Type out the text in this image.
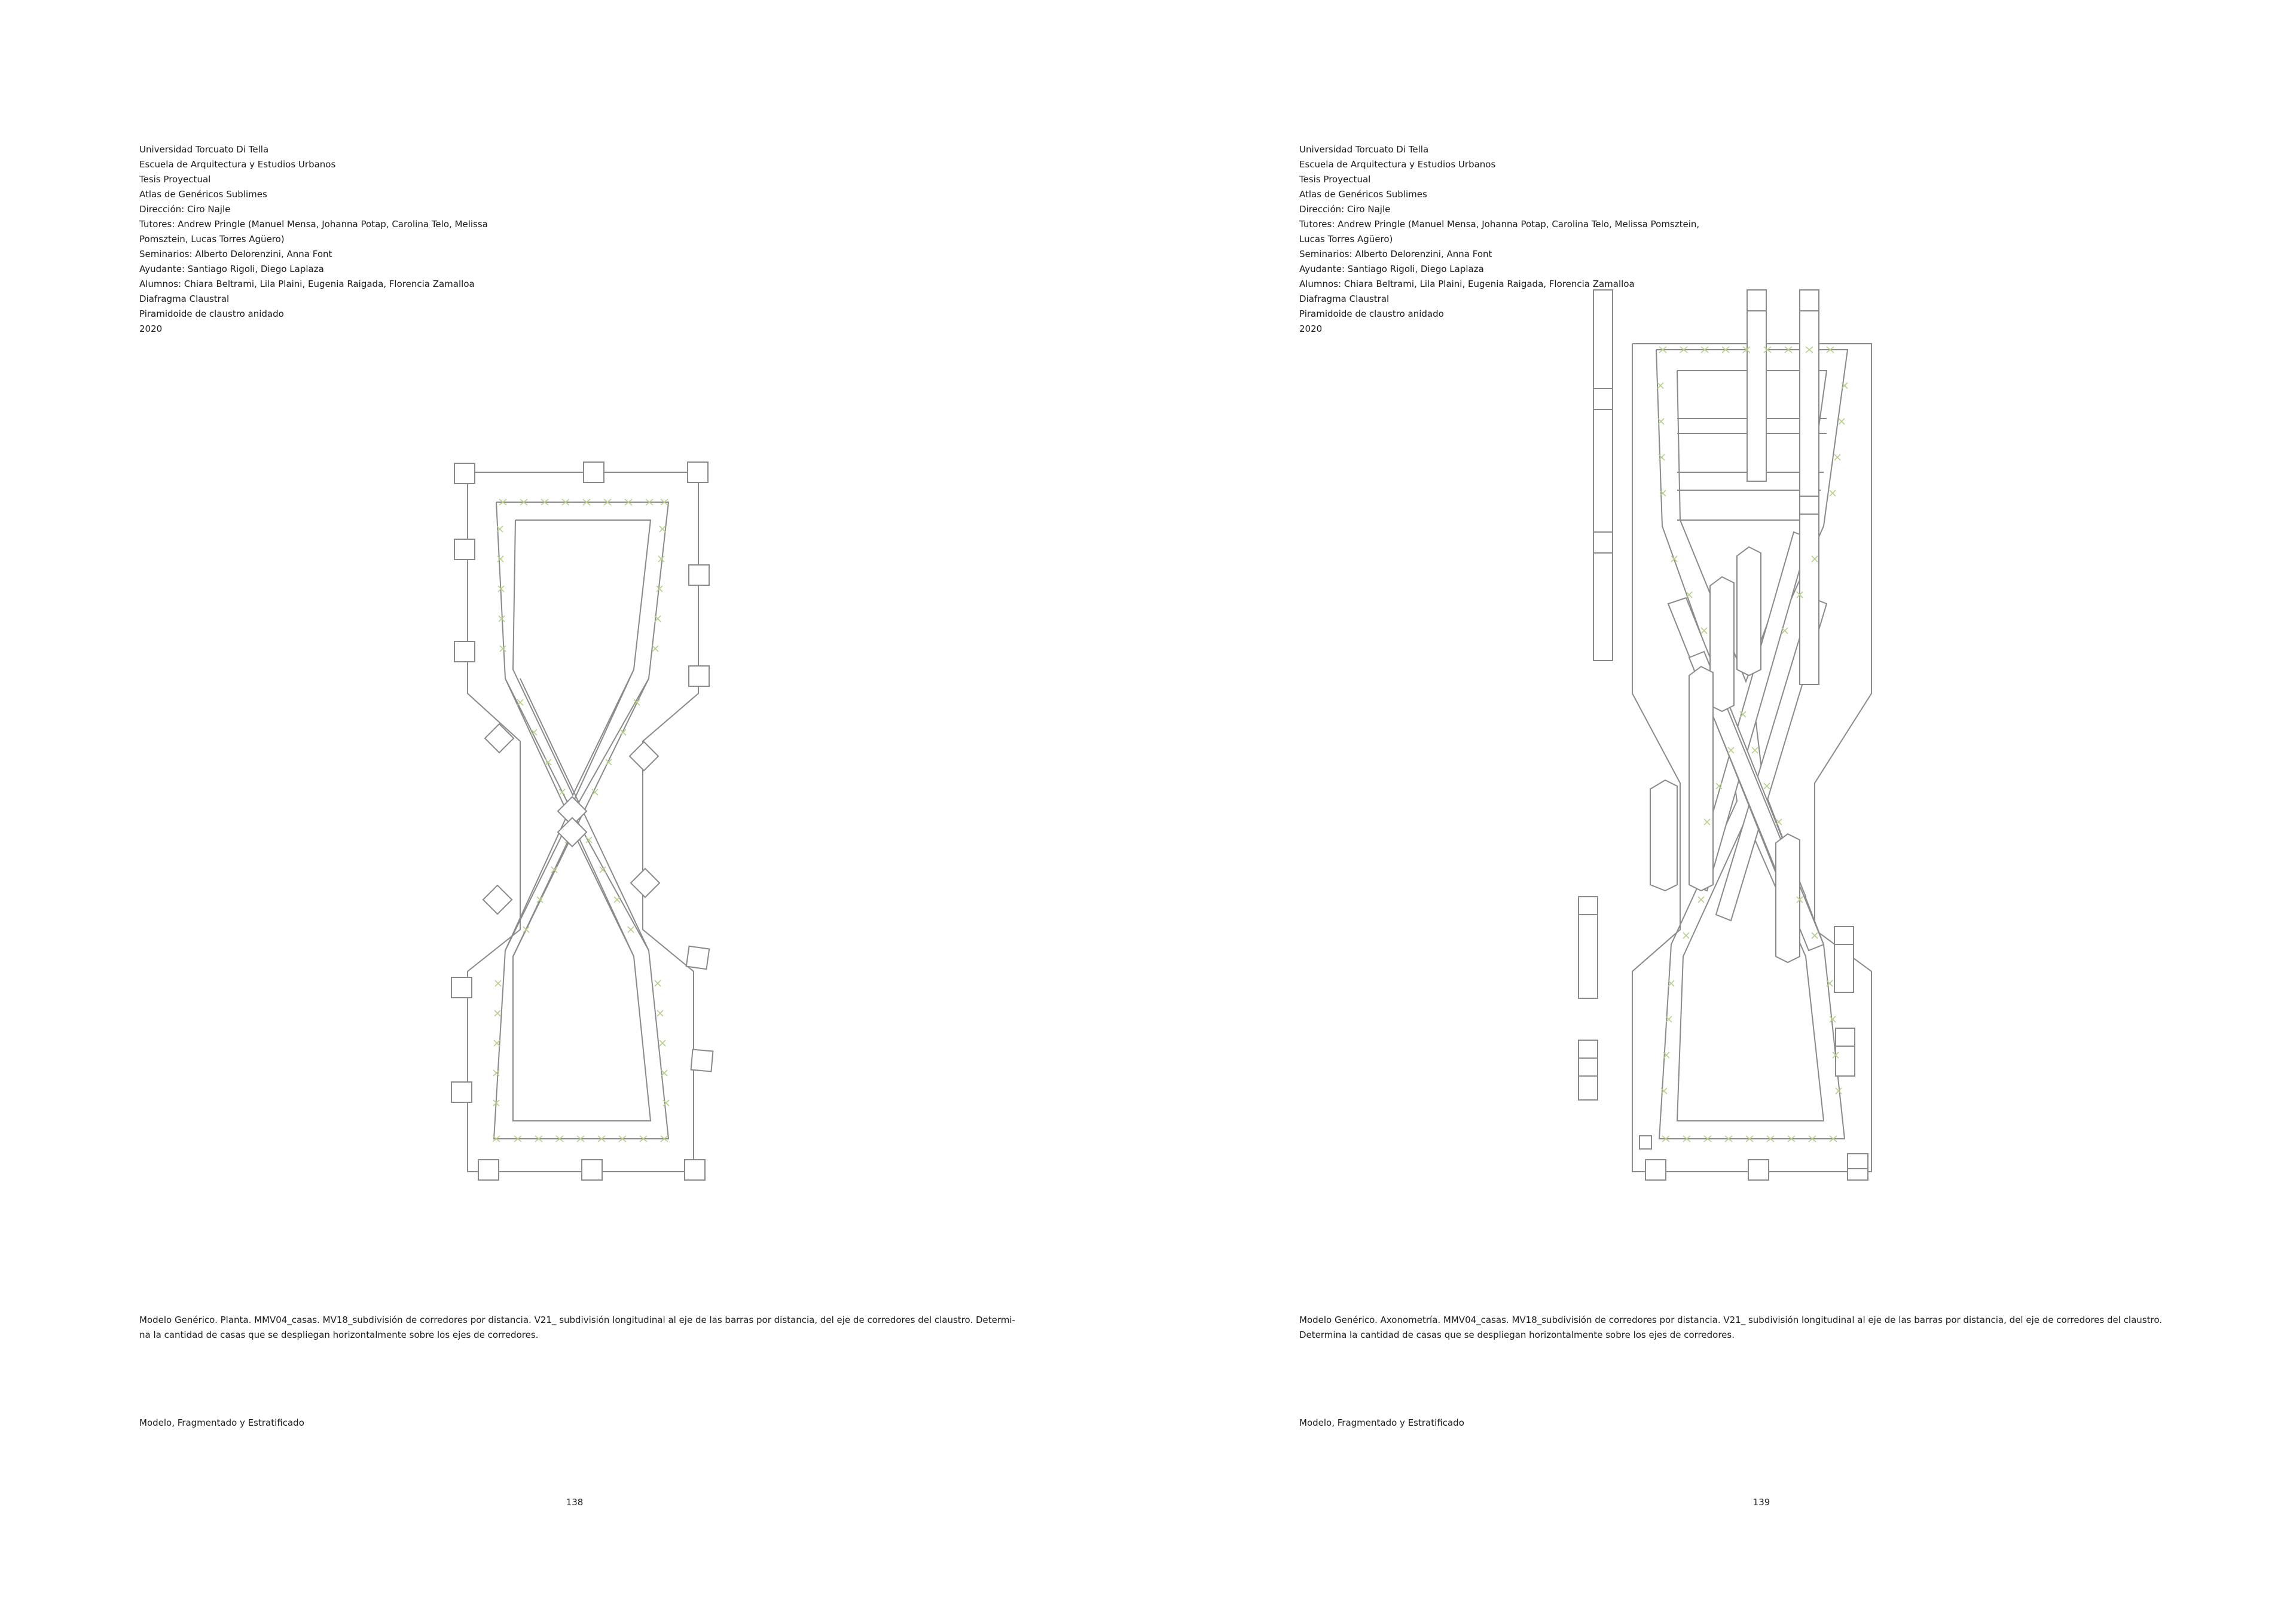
Universidad Torcuato Di Tella
Escuela de Arquitectura y Estudios Urbanos
Tesis Proyectual
Atlas de Genéricos Sublimes
Dirección: Ciro Najle
Tutores: Andrew Pringle (Manuel Mensa, Johanna Potap, Carolina Telo, Melissa Pomsztein, Lucas Torres Agüero)
Seminarios: Alberto Delorenzini, Anna Font
Ayudante: Santiago Rigoli, Diego Laplaza
Alumnos: Chiara Beltrami, Lila Plaini, Eugenia Raigada, Florencia Zamalloa
Diafragma Claustral
Piramidoide de claustro anidado
2020
Modelo Genérico. Planta. MMV04_casas. MV18_subdivisión de corredores por distancia. V21_ subdivisión longitudinal al eje de las barras por distancia, del eje de corredores del claustro. Determi-na la cantidad de casas que se despliegan horizontalmente sobre los ejes de corredores.
Modelo, Fragmentado y Estratificado
138
Universidad Torcuato Di Tella
Escuela de Arquitectura y Estudios Urbanos
Tesis Proyectual
Atlas de Genéricos Sublimes
Dirección: Ciro Najle
Tutores: Andrew Pringle (Manuel Mensa, Johanna Potap, Carolina Telo, Melissa Pomsztein, Lucas Torres Agüero)
Seminarios: Alberto Delorenzini, Anna Font
Ayudante: Santiago Rigoli, Diego Laplaza
Alumnos: Chiara Beltrami, Lila Plaini, Eugenia Raigada, Florencia Zamalloa
Diafragma Claustral
Piramidoide de claustro anidado
2020
Modelo Genérico. Axonometría. MMV04_casas. MV18_subdivisión de corredores por distancia. V21_ subdivisión longitudinal al eje de las barras por distancia, del eje de corredores del claustro. Determina la cantidad de casas que se despliegan horizontalmente sobre los ejes de corredores.
Modelo, Fragmentado y Estratificado
139
